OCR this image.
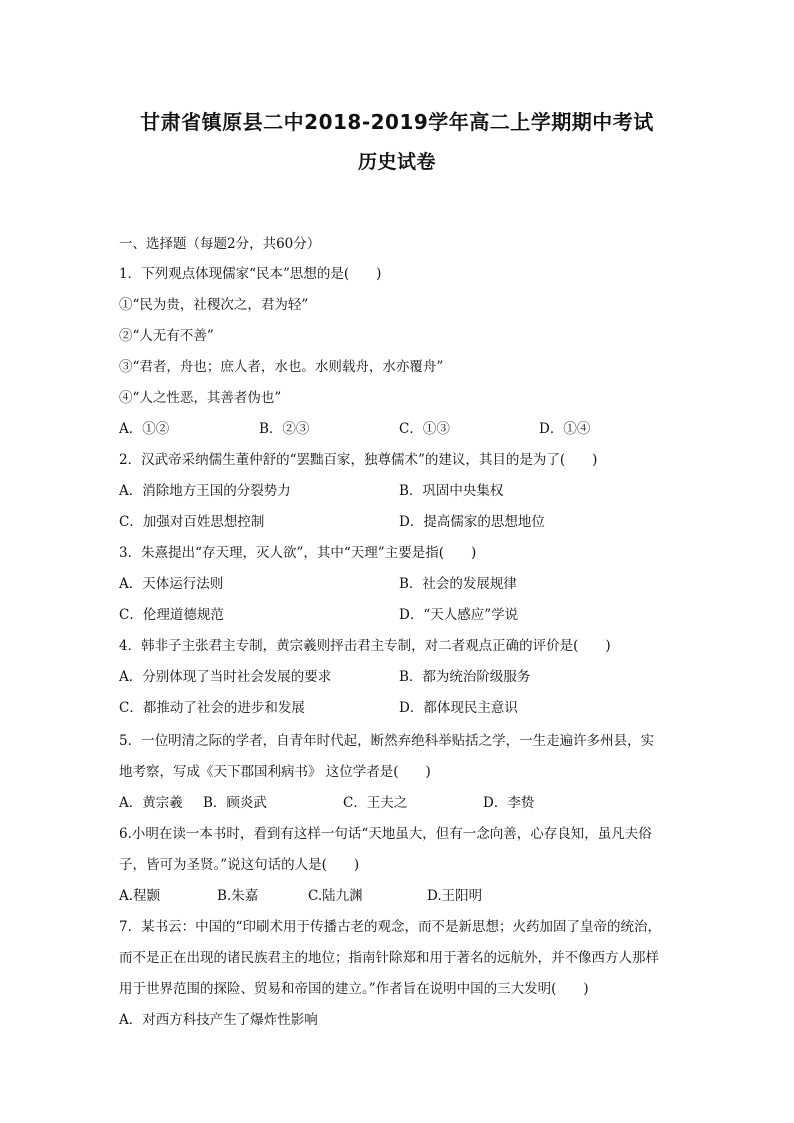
甘肃省镇原县二中2018-2019学年高二上学期期中考试
历史试卷
一、选择题（每题2分，共60分）
1．下列观点体现儒家“民本”思想的是(　　)
①“民为贵，社稷次之，君为轻”
②“人无有不善”
③“君者，舟也；庶人者，水也。水则载舟，水亦覆舟”
④“人之性恶，其善者伪也”
A．①②	B．②③	C．①③	D．①④
2．汉武帝采纳儒生董仲舒的“罢黜百家，独尊儒术”的建议，其目的是为了(　　)
A．消除地方王国的分裂势力	B．巩固中央集权
C．加强对百姓思想控制	D．提高儒家的思想地位
3．朱熹提出“存天理，灭人欲”，其中“天理”主要是指(　　)
A．天体运行法则	B．社会的发展规律
C．伦理道德规范	D．“天人感应”学说
4．韩非子主张君主专制，黄宗羲则抨击君主专制，对二者观点正确的评价是(　　)
A．分别体现了当时社会发展的要求	B．都为统治阶级服务
C．都推动了社会的进步和发展	D．都体现民主意识
5．一位明清之际的学者，自青年时代起，断然弃绝科举贴括之学，一生走遍许多州县，实
地考察，写成《天下郡国利病书》 这位学者是(　　)
A．黄宗羲 B．顾炎武	C．王夫之	D．李贽
6.小明在读一本书时，看到有这样一句话“天地虽大，但有一念向善，心存良知，虽凡夫俗
子，皆可为圣贤。”说这句话的人是(　　)
A.程颢	B.朱嘉	C.陆九渊	D.王阳明
7．某书云：中国的“印刷术用于传播古老的观念，而不是新思想；火药加固了皇帝的统治，
而不是正在出现的诸民族君主的地位；指南针除郑和用于著名的远航外，并不像西方人那样
用于世界范围的探险、贸易和帝国的建立。”作者旨在说明中国的三大发明(　　)
A．对西方科技产生了爆炸性影响
